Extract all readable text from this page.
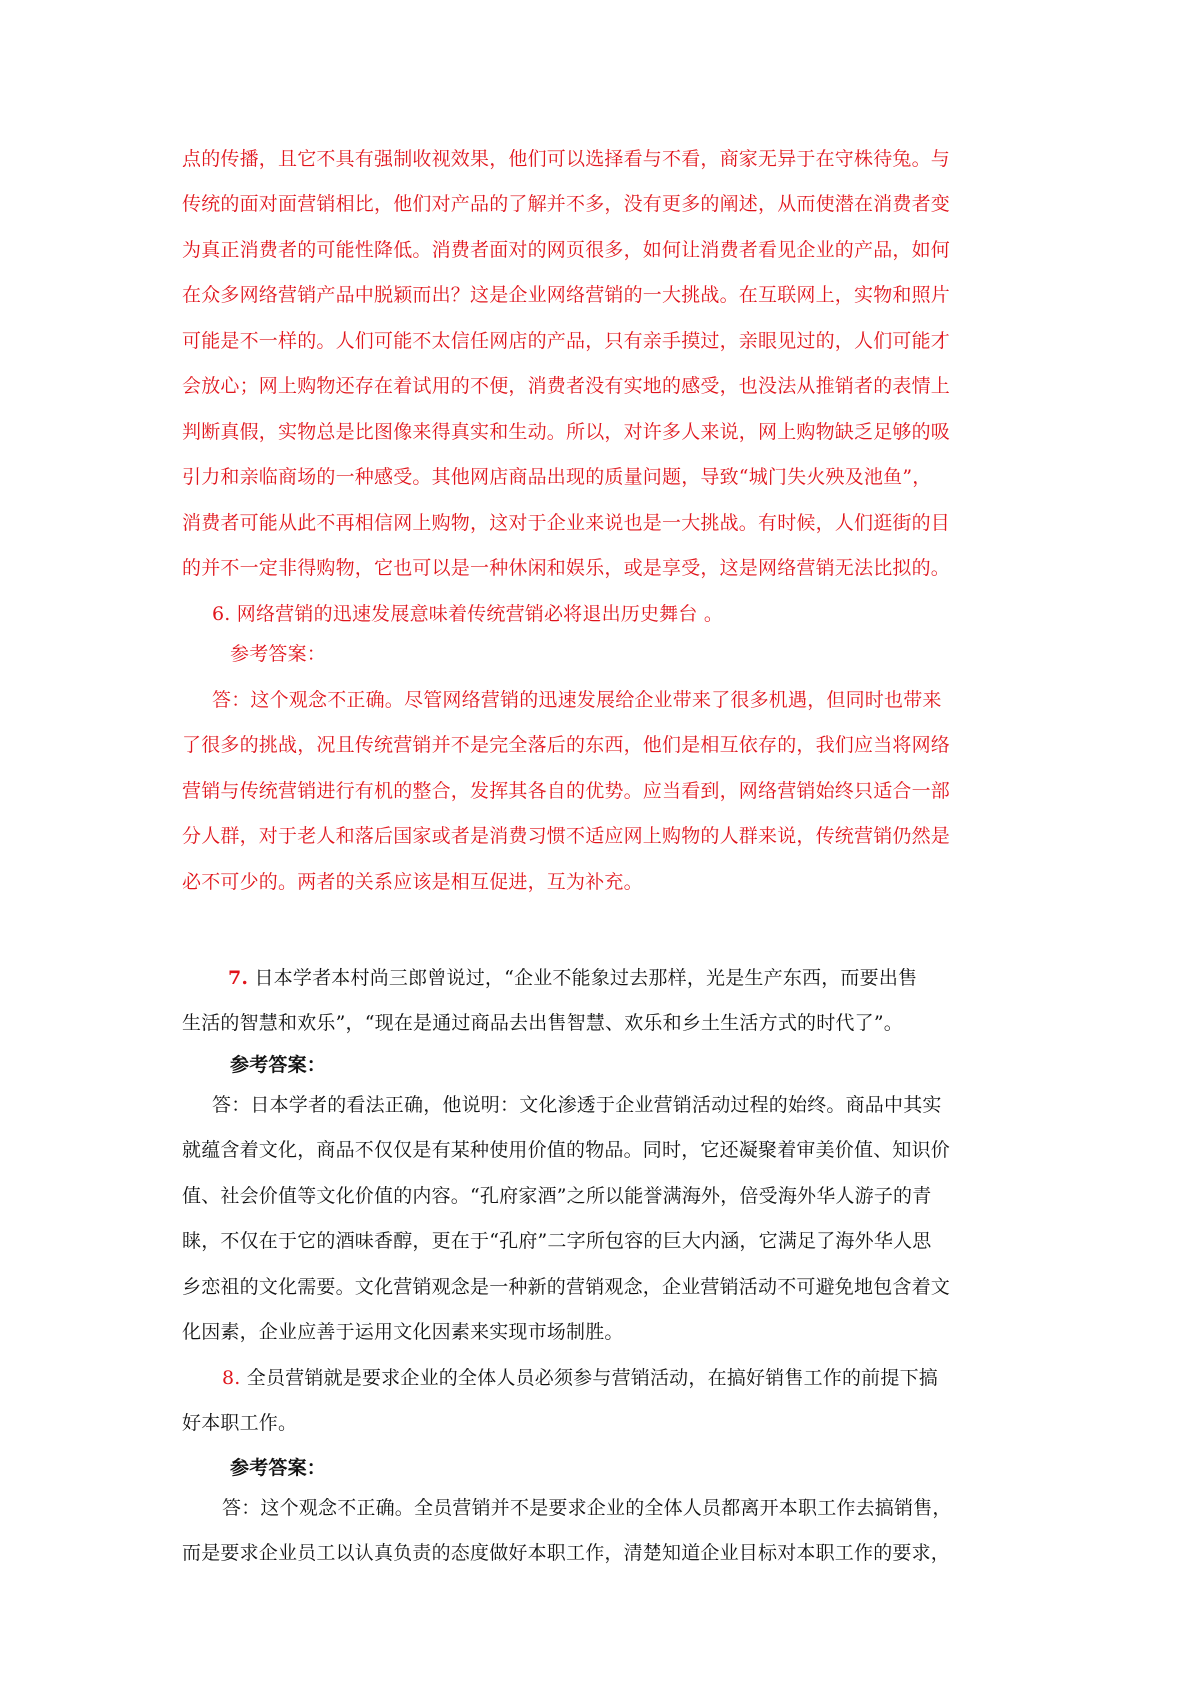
点的传播，且它不具有强制收视效果，他们可以选择看与不看，商家无异于在守株待兔。与
传统的面对面营销相比，他们对产品的了解并不多，没有更多的阐述，从而使潜在消费者变
为真正消费者的可能性降低。消费者面对的网页很多，如何让消费者看见企业的产品，如何
在众多网络营销产品中脱颖而出？这是企业网络营销的一大挑战。在互联网上，实物和照片
可能是不一样的。人们可能不太信任网店的产品，只有亲手摸过，亲眼见过的，人们可能才
会放心；网上购物还存在着试用的不便，消费者没有实地的感受，也没法从推销者的表情上
判断真假，实物总是比图像来得真实和生动。所以，对许多人来说，网上购物缺乏足够的吸
引力和亲临商场的一种感受。其他网店商品出现的质量问题，导致“城门失火殃及池鱼”，
消费者可能从此不再相信网上购物，这对于企业来说也是一大挑战。有时候，人们逛街的目
的并不一定非得购物，它也可以是一种休闲和娱乐，或是享受，这是网络营销无法比拟的。
6. 网络营销的迅速发展意味着传统营销必将退出历史舞台 。
参考答案：
答：这个观念不正确。尽管网络营销的迅速发展给企业带来了很多机遇，但同时也带来
了很多的挑战，况且传统营销并不是完全落后的东西，他们是相互依存的，我们应当将网络
营销与传统营销进行有机的整合，发挥其各自的优势。应当看到，网络营销始终只适合一部
分人群，对于老人和落后国家或者是消费习惯不适应网上购物的人群来说，传统营销仍然是
必不可少的。两者的关系应该是相互促进，互为补充。
7. 日本学者本村尚三郎曾说过，“企业不能象过去那样，光是生产东西，而要出售
生活的智慧和欢乐”，“现在是通过商品去出售智慧、欢乐和乡土生活方式的时代了”。
参考答案：
答：日本学者的看法正确，他说明：文化渗透于企业营销活动过程的始终。商品中其实
就蕴含着文化，商品不仅仅是有某种使用价值的物品。同时，它还凝聚着审美价值、知识价
值、社会价值等文化价值的内容。“孔府家酒”之所以能誉满海外，倍受海外华人游子的青
睐，不仅在于它的酒味香醇，更在于“孔府”二字所包容的巨大内涵，它满足了海外华人思
乡恋祖的文化需要。文化营销观念是一种新的营销观念，企业营销活动不可避免地包含着文
化因素，企业应善于运用文化因素来实现市场制胜。
8. 全员营销就是要求企业的全体人员必须参与营销活动，在搞好销售工作的前提下搞
好本职工作。
参考答案：
答：这个观念不正确。全员营销并不是要求企业的全体人员都离开本职工作去搞销售，
而是要求企业员工以认真负责的态度做好本职工作，清楚知道企业目标对本职工作的要求，
